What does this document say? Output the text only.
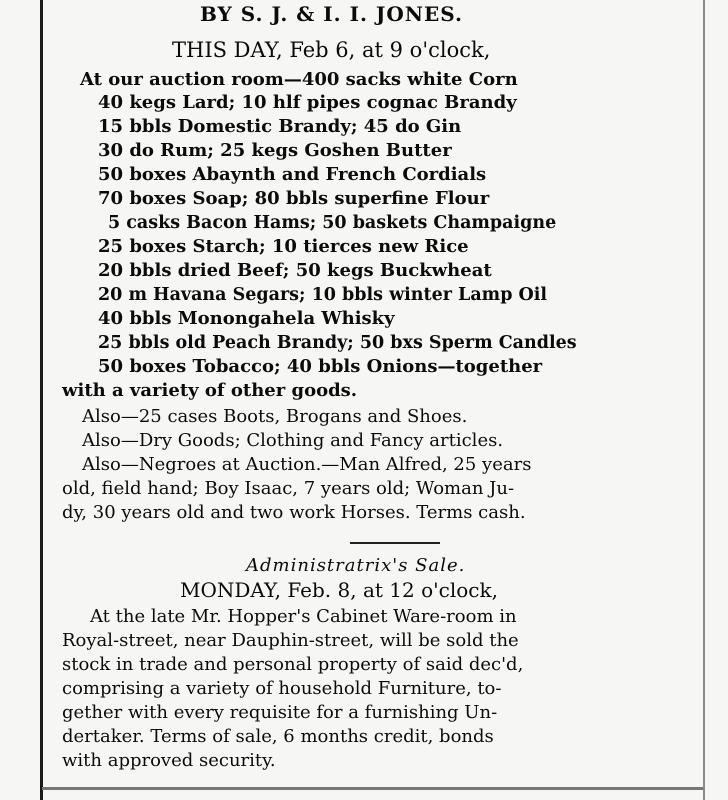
BY S. J. & I. I. JONES.
THIS DAY, Feb 6, at 9 o'clock,
At our auction room—400 sacks white Corn
40 kegs Lard; 10 hlf pipes cognac Brandy
15 bbls Domestic Brandy; 45 do Gin
30 do Rum; 25 kegs Goshen Butter
50 boxes Abaynth and French Cordials
70 boxes Soap; 80 bbls superfine Flour
5 casks Bacon Hams; 50 baskets Champaigne
25 boxes Starch; 10 tierces new Rice
20 bbls dried Beef; 50 kegs Buckwheat
20 m Havana Segars; 10 bbls winter Lamp Oil
40 bbls Monongahela Whisky
25 bbls old Peach Brandy; 50 bxs Sperm Candles
50 boxes Tobacco; 40 bbls Onions—together
with a variety of other goods.
Also—25 cases Boots, Brogans and Shoes.
Also—Dry Goods; Clothing and Fancy articles.
Also—Negroes at Auction.—Man Alfred, 25 years
old, field hand; Boy Isaac, 7 years old; Woman Ju-
dy, 30 years old and two work Horses. Terms cash.
Administratrix's Sale.
MONDAY, Feb. 8, at 12 o'clock,
At the late Mr. Hopper's Cabinet Ware-room in
Royal-street, near Dauphin-street, will be sold the
stock in trade and personal property of said dec'd,
comprising a variety of household Furniture, to-
gether with every requisite for a furnishing Un-
dertaker. Terms of sale, 6 months credit, bonds
with approved security.
